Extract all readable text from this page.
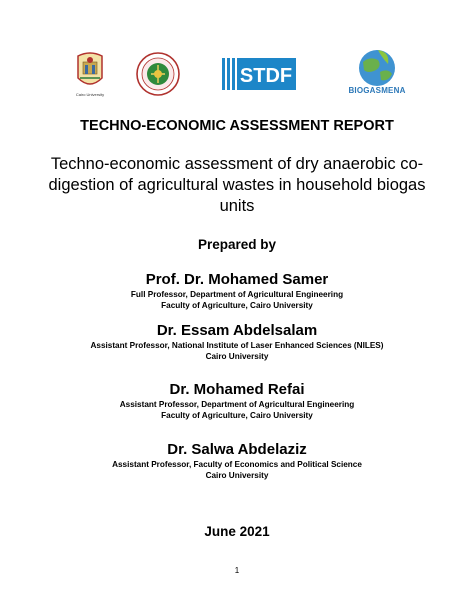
Cairo University
STDF
BIOGASMENA
TECHNO-ECONOMIC ASSESSMENT REPORT
Techno-economic assessment of dry anaerobic co-digestion of agricultural wastes in household biogas units
Prepared by
Prof. Dr. Mohamed Samer
Full Professor, Department of Agricultural Engineering
Faculty of Agriculture, Cairo University
Dr. Essam Abdelsalam
Assistant Professor, National Institute of Laser Enhanced Sciences (NILES)
Cairo University
Dr. Mohamed Refai
Assistant Professor, Department of Agricultural Engineering
Faculty of Agriculture, Cairo University
Dr. Salwa Abdelaziz
Assistant Professor, Faculty of Economics and Political Science
Cairo University
June 2021
1
